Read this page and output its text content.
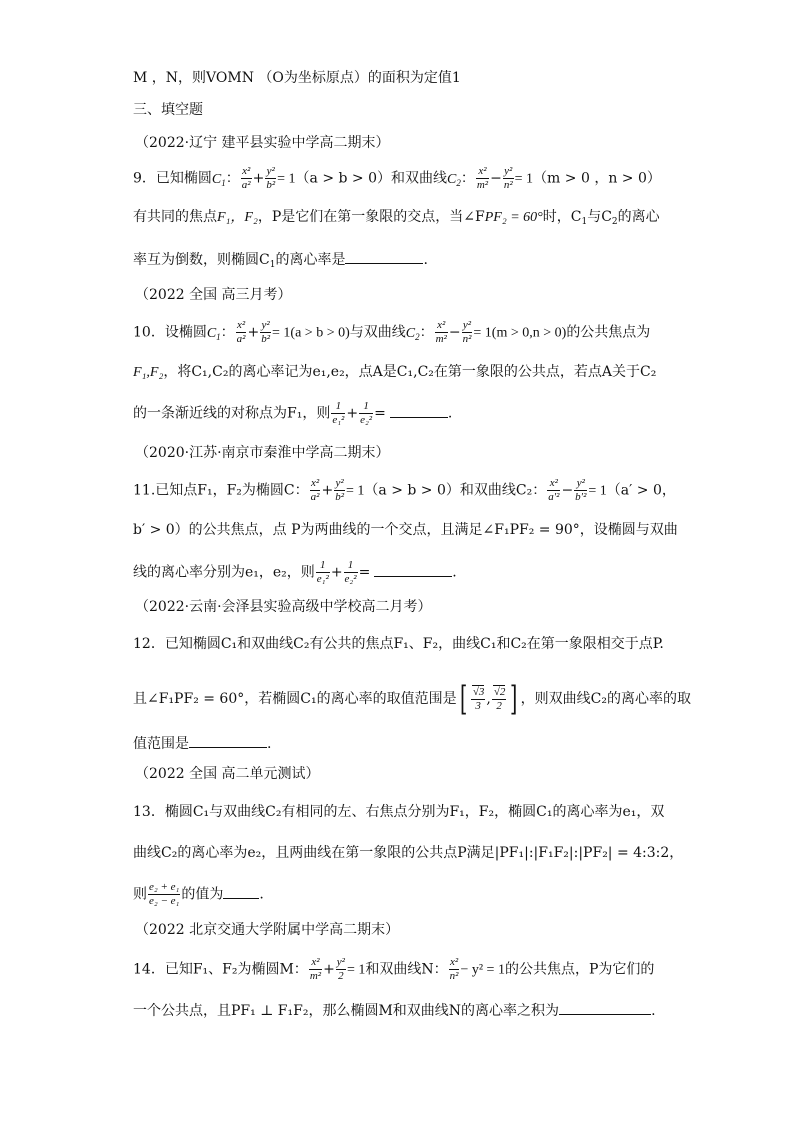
M ，N，则VOMN （O为坐标原点）的面积为定值1
三、填空题
（2022·辽宁 建平县实验中学高二期末）
9．已知椭圆$C_1$： $\frac{\text{x²}}{\text{a²}} + \frac{\text{y²}}{\text{b²}} = 1(a > b > 0)$和双曲线$C_2$： $\frac{\text{x²}}{\text{m²}} - \frac{\text{y²}}{\text{n²}} = 1(m > 0$ ，n > 0）
有共同的焦点F₁，F₂，P是它们在第一象限的交点，当∠FPF₂ = 60°时，$C_1$与$C_2$的离心
率互为倒数，则椭圆$C_1$的离心率是	.
（2022 全国 高三月考）
10．设椭圆$C_1$： $\frac{\text{x²}}{\text{a²}} + \frac{\text{y²}}{\text{b²}} = 1(a > b > 0)$与双曲线$C_2$： $\frac{\text{x²}}{\text{m²}} - \frac{\text{y²}}{\text{n²}} = 1(m > 0,n > 0)$的公共焦点为
F₁,F₂，将C₁,C₂的离心率记为e₁,e₂，点A是C₁,C₂在第一象限的公共点，若点A关于C₂
的一条渐近线的对称点为F₁，则 $\frac{1}{\text{e₁²}} + \frac{1}{\text{e₂²}}$ =	.
（2020·江苏·南京市秦淮中学高二期末）
11.已知点F₁，F₂为椭圆C： $\frac{\text{x²}}{\text{a²}} + \frac{\text{y²}}{\text{b²}} = 1(a > b > 0)$和双曲线C₂： $\frac{\text{x²}}{\text{a′²}} - \frac{\text{y²}}{\text{b′²}} = 1(a' > 0$，
b′ > 0）的公共焦点，点 P为两曲线的一个交点，且满足∠F₁PF₂ = 90°，设椭圆与双曲
线的离心率分别为e₁，e₂，则 $\frac{1}{\text{e₁²}} + \frac{1}{\text{e₂²}}$ =	.
（2022·云南·会泽县实验高级中学校高二月考）
12．已知椭圆C₁和双曲线C₂有公共的焦点F₁、F₂，曲线C₁和C₂在第一象限相交于点P.
且∠F₁PF₂ = 60°，若椭圆C₁的离心率的取值范围是[ $\frac{√3}{3}$ , $\frac{√2}{2}$ ] ，则双曲线C₂的离心率的取
值范围是	.
（2022 全国 高二单元测试）
13．椭圆C₁与双曲线C₂有相同的左、右焦点分别为F₁，F₂，椭圆C₁的离心率为e₁，双
曲线C₂的离心率为e₂，且两曲线在第一象限的公共点P满足|PF₁|:|F₁F₂|:|PF₂| = 4:3:2，
则 $\frac{\text{e₂ + e₁}}{\text{e₂ − e₁}}$ 的值为	.
（2022 北京交通大学附属中学高二期末）
14．已知F₁、F₂为椭圆M： $\frac{\text{x²}}{\text{m²}} + \frac{\text{y²}}{2} = 1$和双曲线N： $\frac{\text{x²}}{\text{n²}} - y^2 = 1$的公共焦点，P为它们的
一个公共点，且PF₁ ⊥ F₁F₂，那么椭圆M和双曲线N的离心率之积为	.
